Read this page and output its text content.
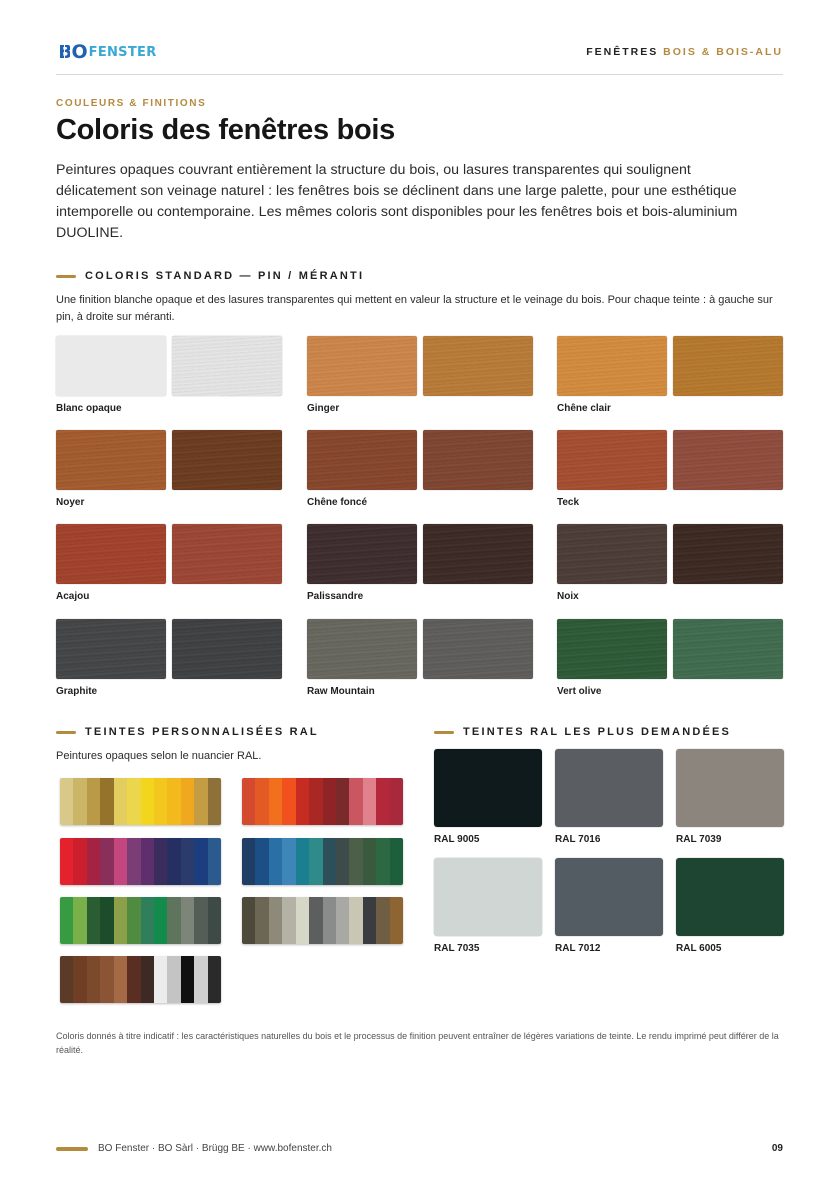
BO FENSTER	FENÊTRES BOIS & BOIS-ALU
COULEURS & FINITIONS
Coloris des fenêtres bois
Peintures opaques couvrant entièrement la structure du bois, ou lasures transparentes qui soulignent délicatement son veinage naturel : les fenêtres bois se déclinent dans une large palette, pour une esthétique intemporelle ou contemporaine. Les mêmes coloris sont disponibles pour les fenêtres bois et bois-aluminium DUOLINE.
COLORIS STANDARD — PIN / MÉRANTI
Une finition blanche opaque et des lasures transparentes qui mettent en valeur la structure et le veinage du bois. Pour chaque teinte : à gauche sur pin, à droite sur méranti.
Blanc opaque	Ginger	Chêne clair
Noyer	Chêne foncé	Teck
Acajou	Palissandre	Noix
Graphite	Raw Mountain	Vert olive
TEINTES PERSONNALISÉES RAL
Peintures opaques selon le nuancier RAL.
TEINTES RAL LES PLUS DEMANDÉES
RAL 9005	RAL 7016	RAL 7039
RAL 7035	RAL 7012	RAL 6005
Coloris donnés à titre indicatif : les caractéristiques naturelles du bois et le processus de finition peuvent entraîner de légères variations de teinte. Le rendu imprimé peut différer de la réalité.
BO Fenster · BO Sàrl · Brügg BE · www.bofenster.ch	09
